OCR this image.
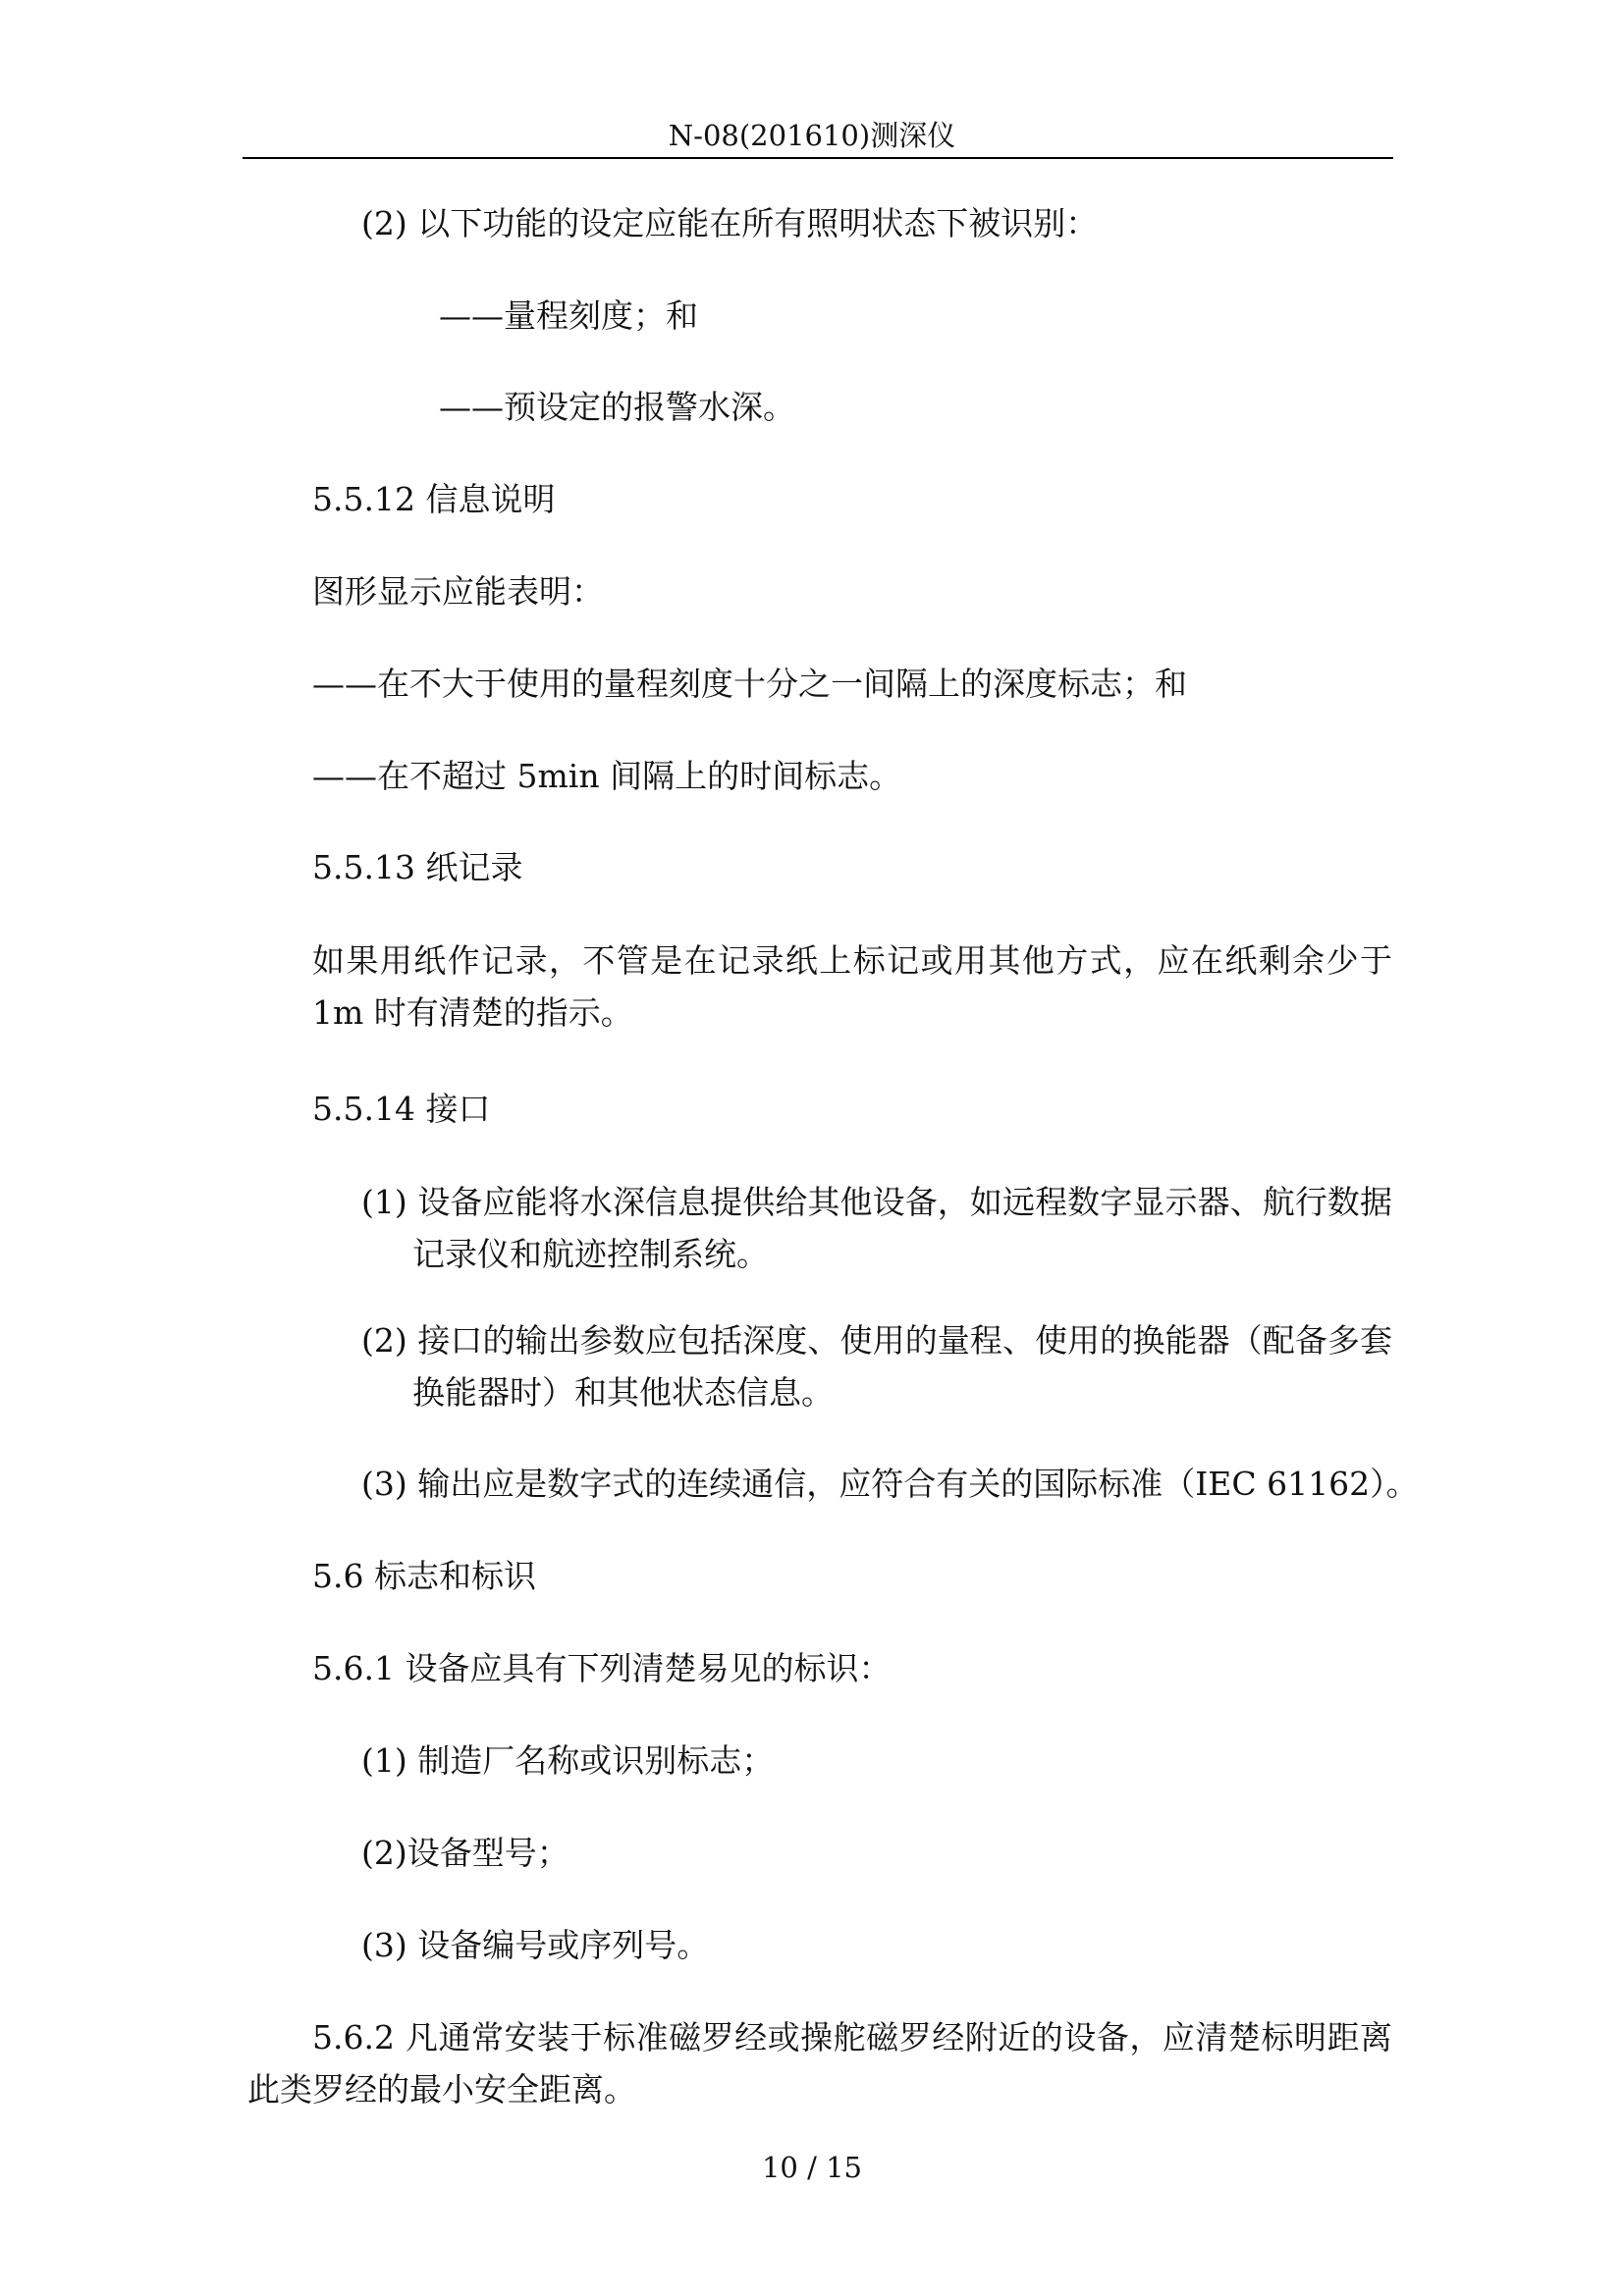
N-08(201610)测深仪
(2) 以下功能的设定应能在所有照明状态下被识别：
——量程刻度；和
——预设定的报警水深。
5.5.12 信息说明
图形显示应能表明：
——在不大于使用的量程刻度十分之一间隔上的深度标志；和
——在不超过 5min 间隔上的时间标志。
5.5.13 纸记录
如果用纸作记录，不管是在记录纸上标记或用其他方式，应在纸剩余少于 1m 时有清楚的指示。
5.5.14 接口
(1) 设备应能将水深信息提供给其他设备，如远程数字显示器、航行数据记录仪和航迹控制系统。
(2) 接口的输出参数应包括深度、使用的量程、使用的换能器（配备多套换能器时）和其他状态信息。
(3) 输出应是数字式的连续通信，应符合有关的国际标准（IEC 61162）。
5.6 标志和标识
5.6.1 设备应具有下列清楚易见的标识：
(1) 制造厂名称或识别标志；
(2)设备型号；
(3) 设备编号或序列号。
5.6.2 凡通常安装于标准磁罗经或操舵磁罗经附近的设备，应清楚标明距离此类罗经的最小安全距离。
10 / 15
